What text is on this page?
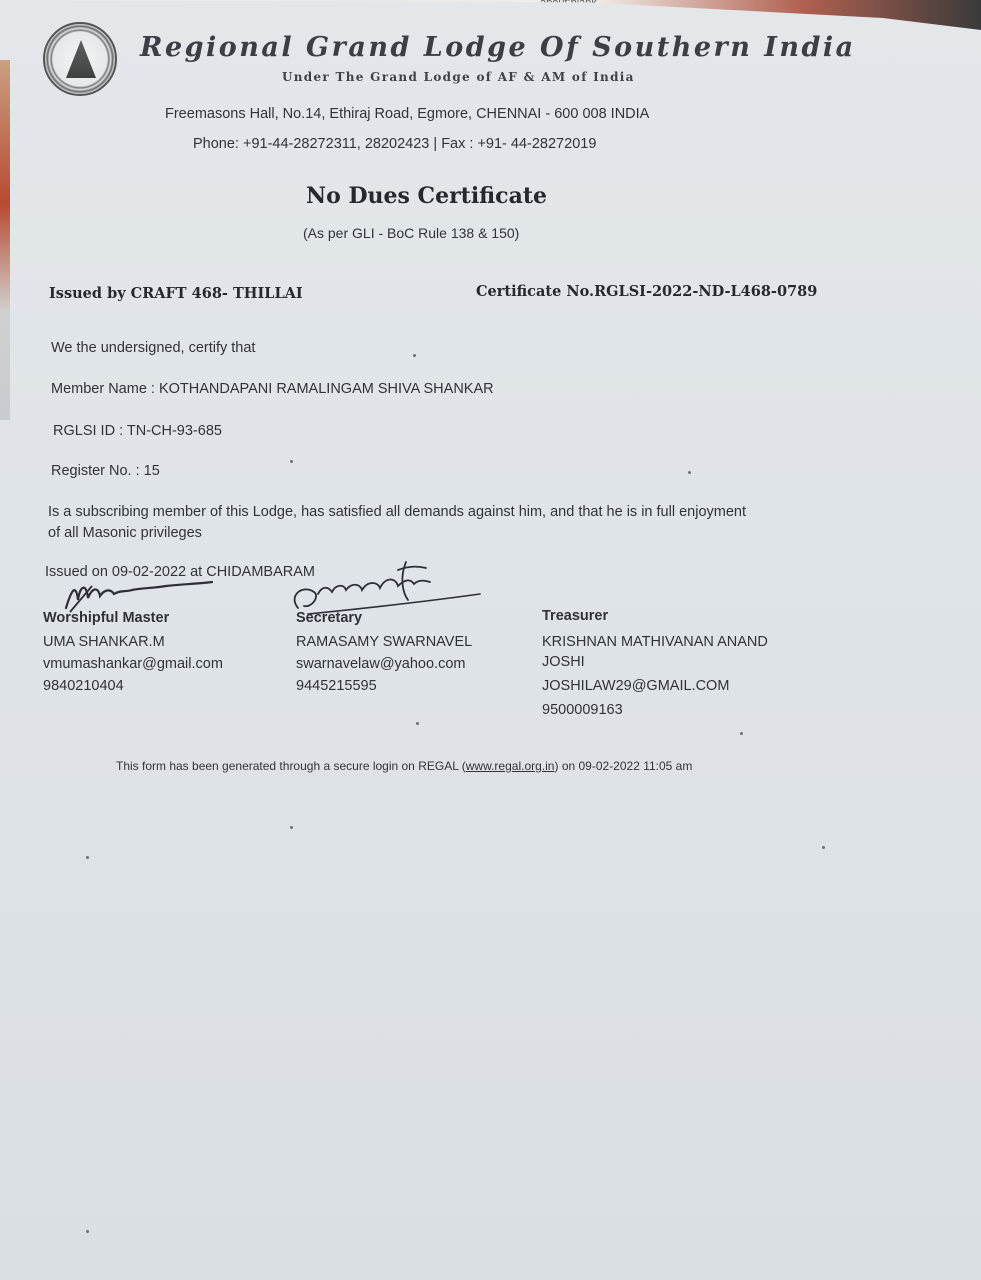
Regional Grand Lodge Of Southern India
Under The Grand Lodge of AF & AM of India
Freemasons Hall, No.14, Ethiraj Road, Egmore, CHENNAI - 600 008 INDIA
Phone: +91-44-28272311, 28202423 | Fax : +91- 44-28272019
No Dues Certificate
(As per GLI - BoC Rule 138 & 150)
Issued by CRAFT 468- THILLAI	Certificate No.RGLSI-2022-ND-L468-0789
We the undersigned, certify that
Member Name : KOTHANDAPANI RAMALINGAM SHIVA SHANKAR
RGLSI ID : TN-CH-93-685
Register No. : 15
Is a subscribing member of this Lodge, has satisfied all demands against him, and that he is in full enjoyment of all Masonic privileges
Issued on 09-02-2022 at CHIDAMBARAM
Worshipful Master
UMA SHANKAR.M
vmumashankar@gmail.com
9840210404
Secretary
RAMASAMY SWARNAVEL
swarnavelaw@yahoo.com
9445215595
Treasurer
KRISHNAN MATHIVANAN ANAND JOSHI
JOSHILAW29@GMAIL.COM
9500009163
This form has been generated through a secure login on REGAL (www.regal.org.in) on 09-02-2022 11:05 am
